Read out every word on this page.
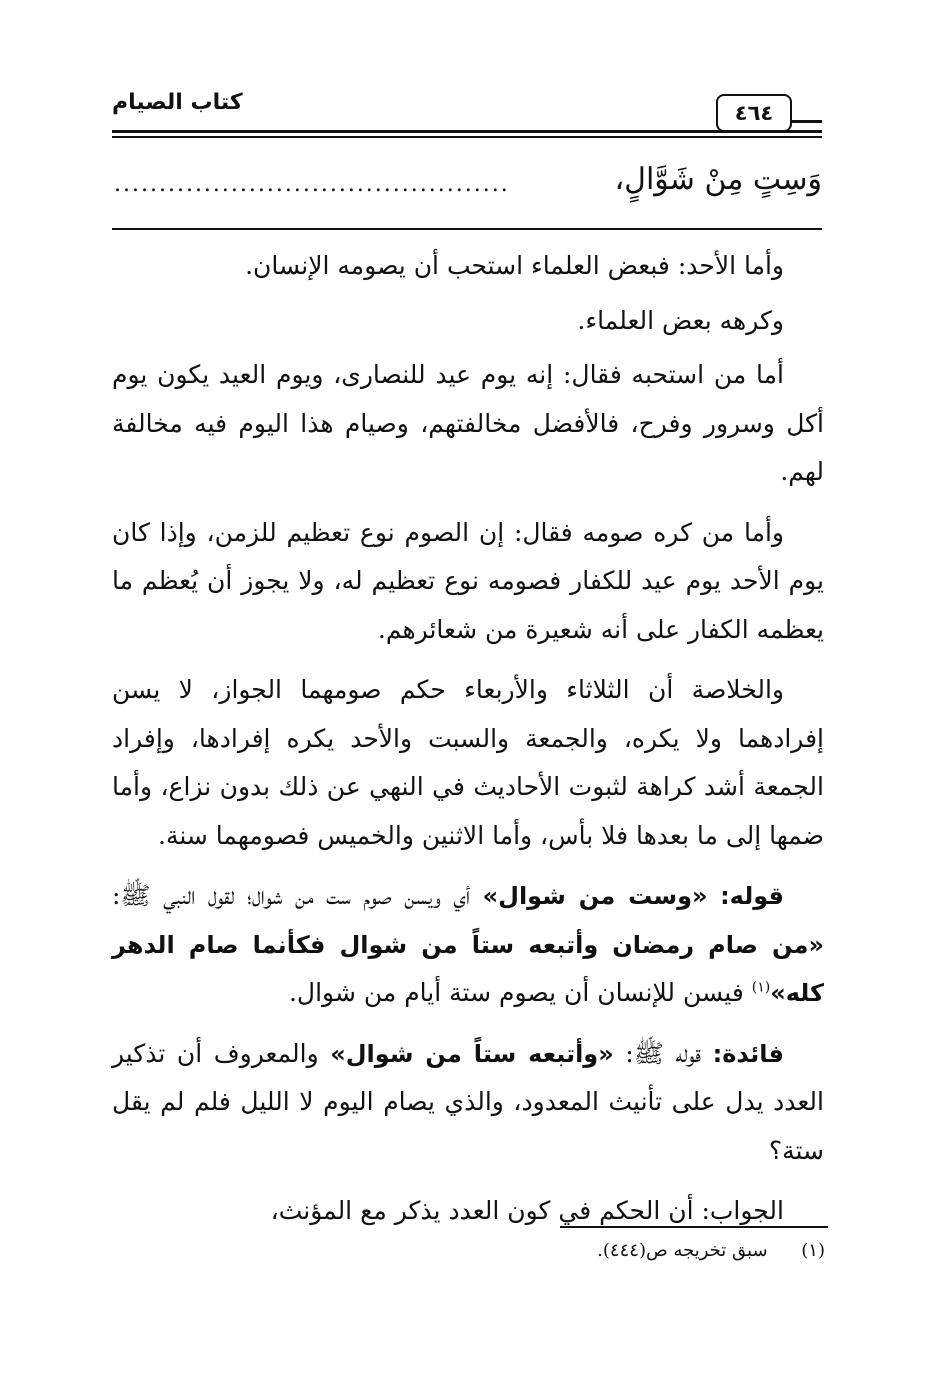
كتاب الصيام	٤٦٤
وَسِتٍ مِنْ شَوَّالٍ،
............................................

وأما الأحد: فبعض العلماء استحب أن يصومه الإنسان.

وكرهه بعض العلماء.

أما من استحبه فقال: إنه يوم عيد للنصارى، ويوم العيد يكون يوم أكل وسرور وفرح، فالأفضل مخالفتهم، وصيام هذا اليوم فيه مخالفة لهم.

وأما من كره صومه فقال: إن الصوم نوع تعظيم للزمن، وإذا كان يوم الأحد يوم عيد للكفار فصومه نوع تعظيم له، ولا يجوز أن يُعظم ما يعظمه الكفار على أنه شعيرة من شعائرهم.

والخلاصة أن الثلاثاء والأربعاء حكم صومهما الجواز، لا يسن إفرادهما ولا يكره، والجمعة والسبت والأحد يكره إفرادها، وإفراد الجمعة أشد كراهة لثبوت الأحاديث في النهي عن ذلك بدون نزاع، وأما ضمها إلى ما بعدها فلا بأس، وأما الاثنين والخميس فصومهما سنة.

قوله: «وست من شوال» أي ويسن صوم ست من شوال؛ لقول النبي ﷺ: «من صام رمضان وأتبعه ستاً من شوال فكأنما صام الدهر كله»$^{(١)}$ فيسن للإنسان أن يصوم ستة أيام من شوال.

فائدة: قوله ﷺ: «وأتبعه ستاً من شوال» والمعروف أن تذكير العدد يدل على تأنيث المعدود، والذي يصام اليوم لا الليل فلم لم يقل ستة؟

الجواب: أن الحكم في كون العدد يذكر مع المؤنث،

(١) سبق تخريجه ص(٤٤٤).
